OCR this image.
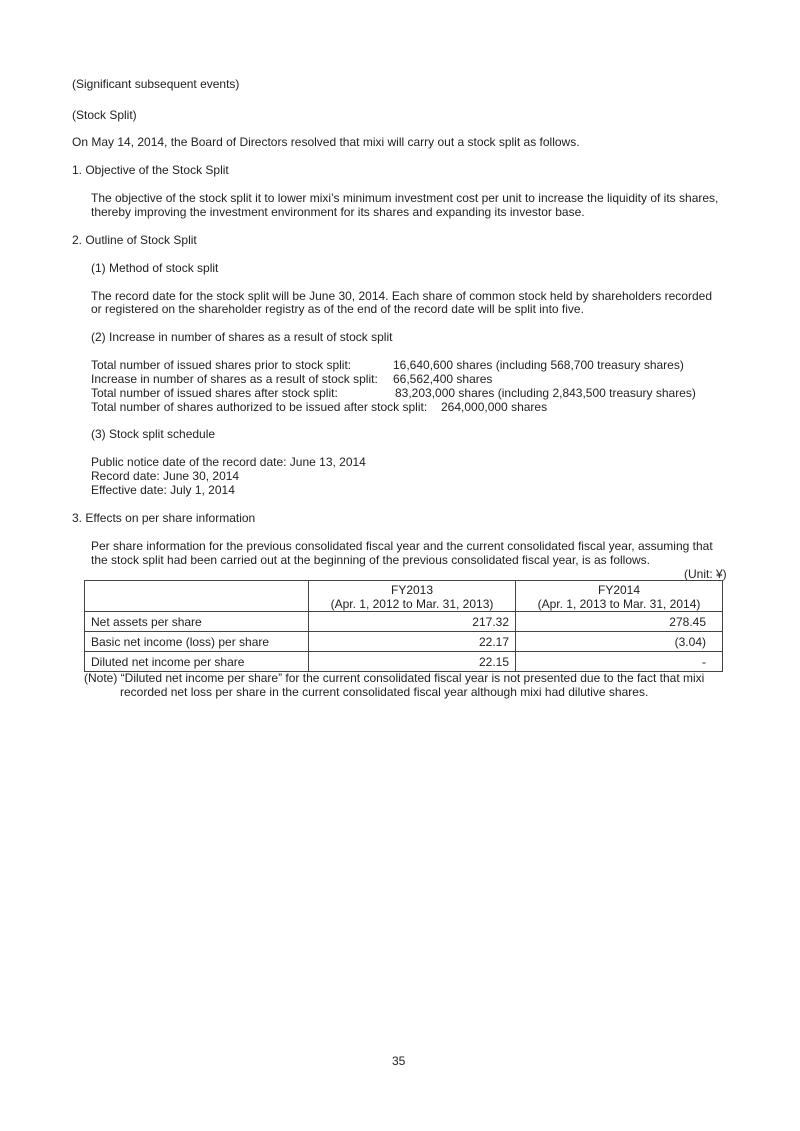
(Significant subsequent events)
(Stock Split)
On May 14, 2014, the Board of Directors resolved that mixi will carry out a stock split as follows.
1. Objective of the Stock Split
The objective of the stock split it to lower mixi’s minimum investment cost per unit to increase the liquidity of its shares,
thereby improving the investment environment for its shares and expanding its investor base.
2. Outline of Stock Split
(1) Method of stock split
The record date for the stock split will be June 30, 2014. Each share of common stock held by shareholders recorded
or registered on the shareholder registry as of the end of the record date will be split into five.
(2) Increase in number of shares as a result of stock split
Total number of issued shares prior to stock split:	16,640,600 shares (including 568,700 treasury shares)
Increase in number of shares as a result of stock split: 66,562,400 shares
Total number of issued shares after stock split:	83,203,000 shares (including 2,843,500 treasury shares)
Total number of shares authorized to be issued after stock split: 264,000,000 shares
(3) Stock split schedule
Public notice date of the record date: June 13, 2014
Record date: June 30, 2014
Effective date: July 1, 2014
3. Effects on per share information
Per share information for the previous consolidated fiscal year and the current consolidated fiscal year, assuming that
the stock split had been carried out at the beginning of the previous consolidated fiscal year, is as follows.
(Unit: ¥)

FY2013
(Apr. 1, 2012 to Mar. 31, 2013)

FY2014
(Apr. 1, 2013 to Mar. 31, 2014)

Net assets per share	217.32	278.45
Basic net income (loss) per share	22.17	(3.04)
Diluted net income per share	22.15	-
(Note) “Diluted net income per share” for the current consolidated fiscal year is not presented due to the fact that mixi
recorded net loss per share in the current consolidated fiscal year although mixi had dilutive shares.
35
